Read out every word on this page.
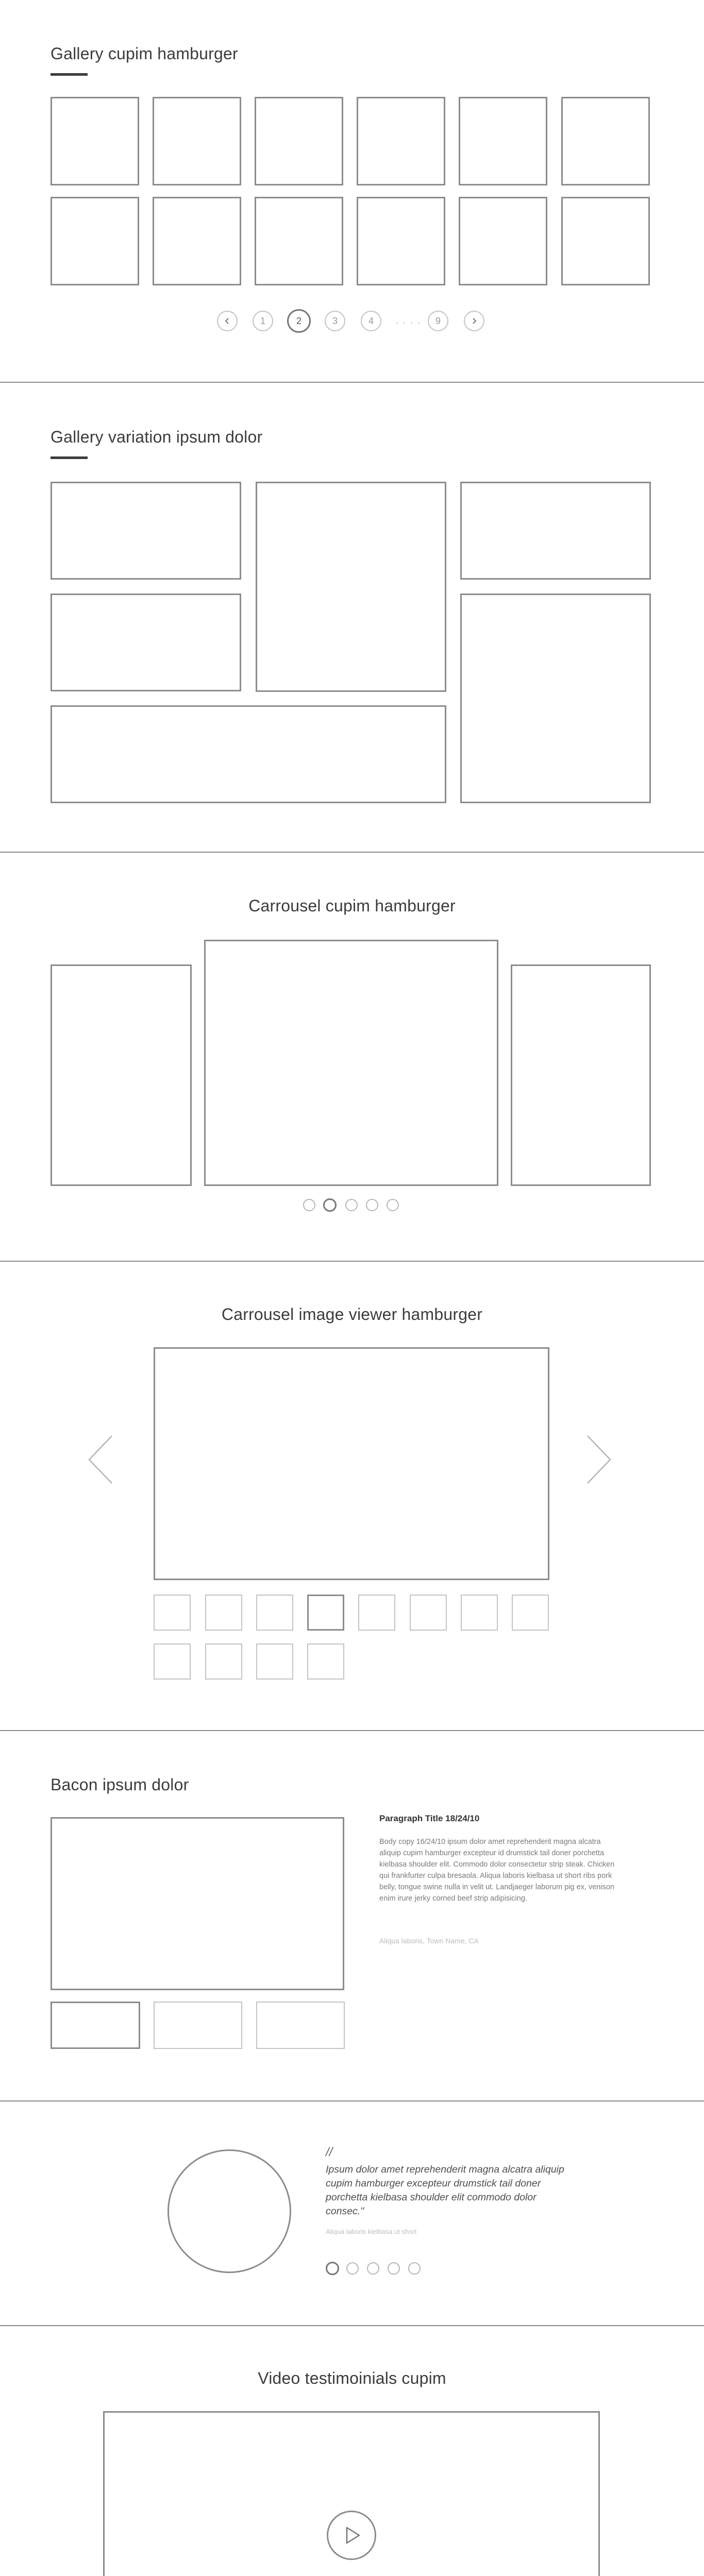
Gallery cupim hamburger
1	2	3	4	. . . .	9
Gallery variation ipsum dolor
Carrousel cupim hamburger
Carrousel image viewer hamburger
Bacon ipsum dolor
Paragraph Title 18/24/10
Body copy 16/24/10 ipsum dolor amet reprehenderit magna alcatra aliquip cupim hamburger excepteur id drumstick tail doner porchetta kielbasa shoulder elit. Commodo dolor consectetur strip steak. Chicken qui frankfurter culpa bresaola. Aliqua laboris kielbasa ut short ribs pork belly, tongue swine nulla in velit ut. Landjaeger laborum pig ex, venison enim irure jerky corned beef strip adipisicing.
Aliqua laboris, Town Name, CA
//
Ipsum dolor amet reprehenderit magna alcatra aliquip cupim hamburger excepteur drumstick tail doner porchetta kielbasa shoulder elit commodo dolor consec."
Aliqua laboris kielbasa ut short
Video testimoinials cupim
